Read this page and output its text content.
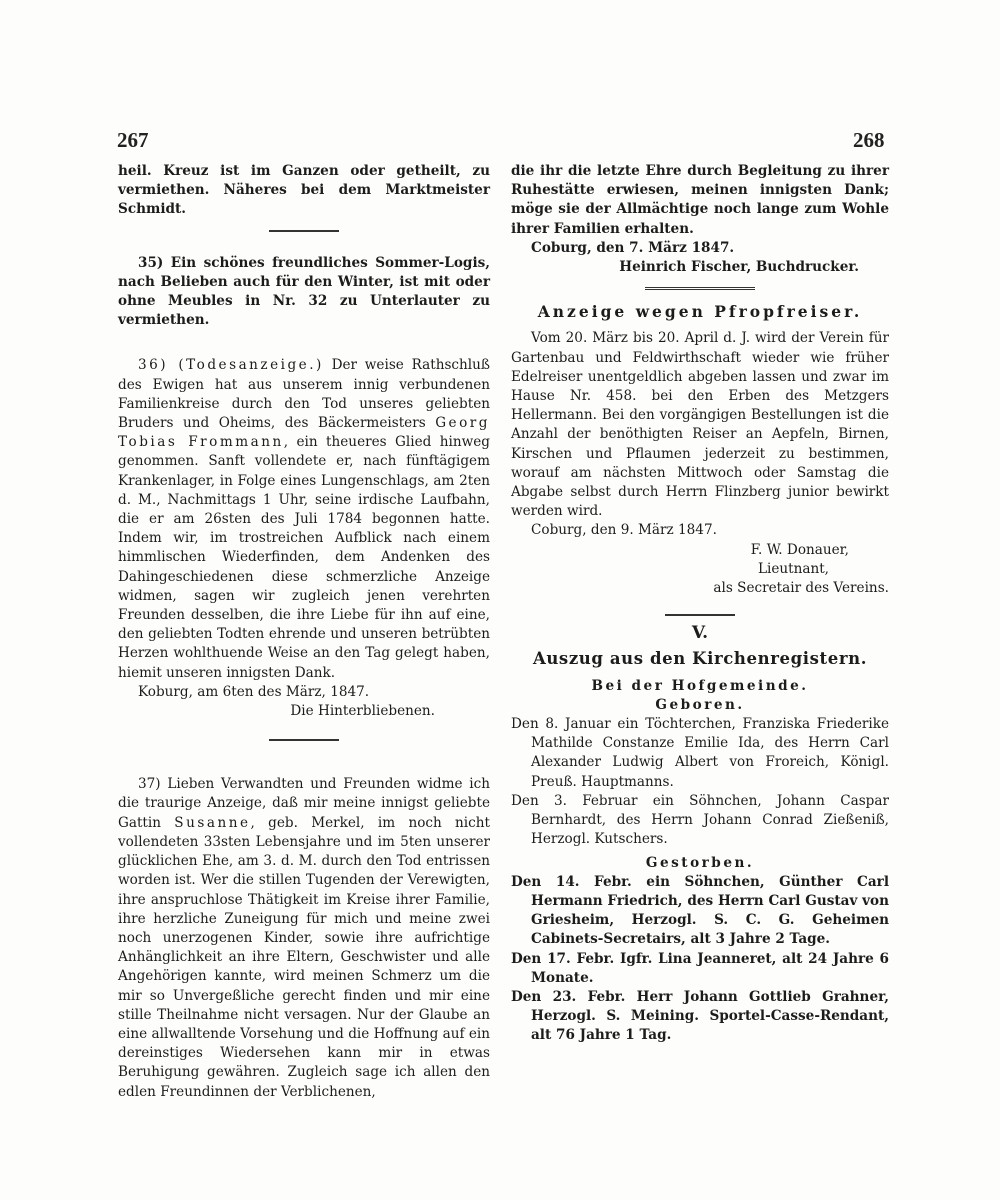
267	268

heil. Kreuz ist im Ganzen oder getheilt, zu vermiethen. Näheres bei dem Marktmeister Schmidt.

35) Ein schönes freundliches Sommer-Logis, nach Belieben auch für den Winter, ist mit oder ohne Meubles in Nr. 32 zu Unterlauter zu vermiethen.

36) (Todesanzeige.) Der weise Rathschluß des Ewigen hat aus unserem innig verbundenen Familienkreise durch den Tod unseres geliebten Bruders und Oheims, des Bäckermeisters Georg Tobias Frommann, ein theueres Glied hinweg genommen. Sanft vollendete er, nach fünftägigem Krankenlager, in Folge eines Lungenschlags, am 2ten d. M., Nachmittags 1 Uhr, seine irdische Laufbahn, die er am 26sten des Juli 1784 begonnen hatte. Indem wir, im trostreichen Aufblick nach einem himmlischen Wiederfinden, dem Andenken des Dahingeschiedenen diese schmerzliche Anzeige widmen, sagen wir zugleich jenen verehrten Freunden desselben, die ihre Liebe für ihn auf eine, den geliebten Todten ehrende und unseren betrübten Herzen wohlthuende Weise an den Tag gelegt haben, hiemit unseren innigsten Dank.

Koburg, am 6ten des März, 1847.

Die Hinterbliebenen.

37) Lieben Verwandten und Freunden widme ich die traurige Anzeige, daß mir meine innigst geliebte Gattin Susanne, geb. Merkel, im noch nicht vollendeten 33sten Lebensjahre und im 5ten unserer glücklichen Ehe, am 3. d. M. durch den Tod entrissen worden ist. Wer die stillen Tugenden der Verewigten, ihre anspruchlose Thätigkeit im Kreise ihrer Familie, ihre herzliche Zuneigung für mich und meine zwei noch unerzogenen Kinder, sowie ihre aufrichtige Anhänglichkeit an ihre Eltern, Geschwister und alle Angehörigen kannte, wird meinen Schmerz um die mir so Unvergeßliche gerecht finden und mir eine stille Theilnahme nicht versagen. Nur der Glaube an eine allwalltende Vorsehung und die Hoffnung auf ein dereinstiges Wiedersehen kann mir in etwas Beruhigung gewähren. Zugleich sage ich allen den edlen Freundinnen der Verblichenen,

die ihr die letzte Ehre durch Begleitung zu ihrer Ruhestätte erwiesen, meinen innigsten Dank; möge sie der Allmächtige noch lange zum Wohle ihrer Familien erhalten.

Coburg, den 7. März 1847.

Heinrich Fischer, Buchdrucker.

Anzeige wegen Pfropfreiser.

Vom 20. März bis 20. April d. J. wird der Verein für Gartenbau und Feldwirthschaft wieder wie früher Edelreiser unentgeldlich abgeben lassen und zwar im Hause Nr. 458. bei den Erben des Metzgers Hellermann. Bei den vorgängigen Bestellungen ist die Anzahl der benöthigten Reiser an Aepfeln, Birnen, Kirschen und Pflaumen jederzeit zu bestimmen, worauf am nächsten Mittwoch oder Samstag die Abgabe selbst durch Herrn Flinzberg junior bewirkt werden wird.

Coburg, den 9. März 1847.

F. W. Donauer,

Lieutnant,

als Secretair des Vereins.

V.
Auszug aus den Kirchenregistern.
Bei der Hofgemeinde.
Geboren.

Den 8. Januar ein Töchterchen, Franziska Friederike Mathilde Constanze Emilie Ida, des Herrn Carl Alexander Ludwig Albert von Froreich, Königl. Preuß. Hauptmanns.

Den 3. Februar ein Söhnchen, Johann Caspar Bernhardt, des Herrn Johann Conrad Zießeniß, Herzogl. Kutschers.

Gestorben.

Den 14. Febr. ein Söhnchen, Günther Carl Hermann Friedrich, des Herrn Carl Gustav von Griesheim, Herzogl. S. C. G. Geheimen Cabinets-Secretairs, alt 3 Jahre 2 Tage.

Den 17. Febr. Igfr. Lina Jeanneret, alt 24 Jahre 6 Monate.

Den 23. Febr. Herr Johann Gottlieb Grahner, Herzogl. S. Meining. Sportel-Casse-Rendant, alt 76 Jahre 1 Tag.
